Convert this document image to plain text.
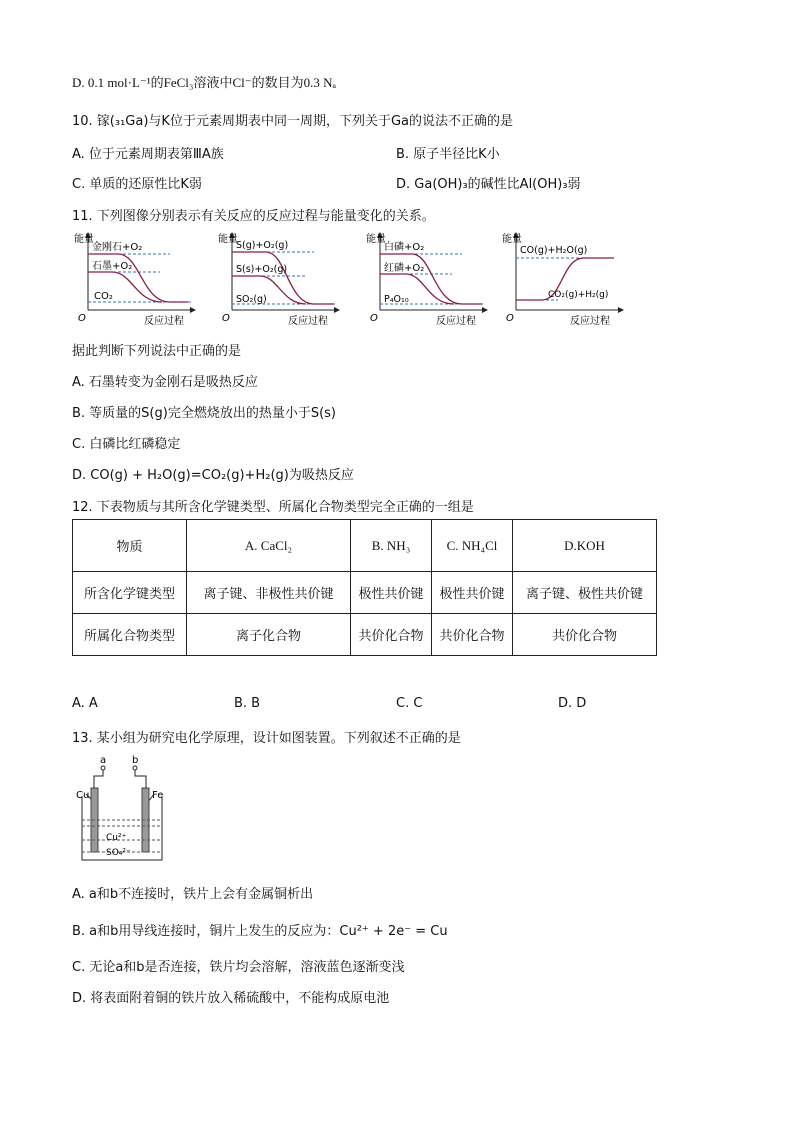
D. 0.1 mol·L⁻¹的FeCl₃溶液中Cl⁻的数目为0.3 Nₐ
10. 镓(₃₁Ga)与K位于元素周期表中同一周期，下列关于Ga的说法不正确的是
A. 位于元素周期表第ⅢA族	B. 原子半径比K小
C. 单质的还原性比K弱	D. Ga(OH)₃的碱性比Al(OH)₃弱
11. 下列图像分别表示有关反应的反应过程与能量变化的关系。
能量
O	反应过程
金刚石+O₂
石墨+O₂
CO₂
能量
O	反应过程
S(g)+O₂(g)
S(s)+O₂(g)
SO₂(g)
能量
O	反应过程
白磷+O₂
红磷+O₂
P₄O₁₀
能量
O	反应过程
CO(g)+H₂O(g)
CO₂(g)+H₂(g)
据此判断下列说法中正确的是
A. 石墨转变为金刚石是吸热反应
B. 等质量的S(g)完全燃烧放出的热量小于S(s)
C. 白磷比红磷稳定
D. CO(g) + H₂O(g)=CO₂(g)+H₂(g)为吸热反应
12. 下表物质与其所含化学键类型、所属化合物类型完全正确的一组是
物质	A. CaCl₂	B. NH₃	C. NH₄Cl	D.KOH
所含化学键类型	离子键、非极性共价键	极性共价键	极性共价键	离子键、极性共价键
所属化合物类型	离子化合物	共价化合物	共价化合物	共价化合物
A. A	B. B	C. C	D. D
13. 某小组为研究电化学原理，设计如图装置。下列叙述不正确的是
a	b
Cu	Fe
Cu²⁺
SO₄²⁻
A. a和b不连接时，铁片上会有金属铜析出
B. a和b用导线连接时，铜片上发生的反应为：Cu²⁺ + 2e⁻ = Cu
C. 无论a和b是否连接，铁片均会溶解，溶液蓝色逐渐变浅
D. 将表面附着铜的铁片放入稀硫酸中，不能构成原电池
